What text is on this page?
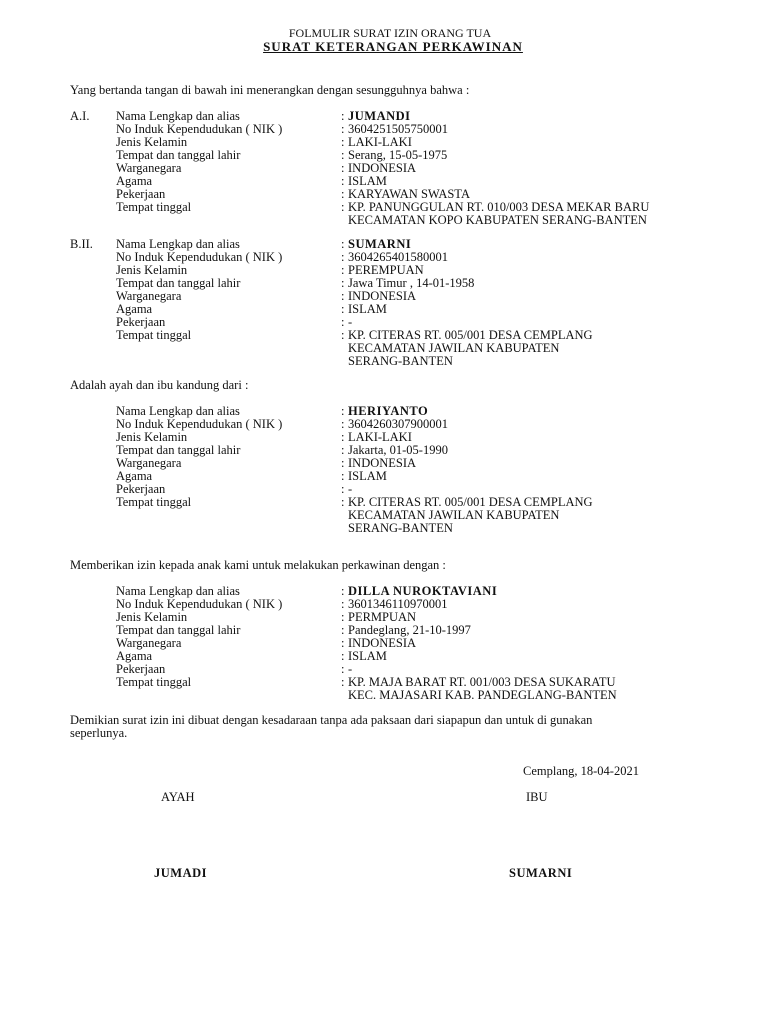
FOLMULIR SURAT IZIN ORANG TUA
SURAT KETERANGAN PERKAWINAN
Yang bertanda tangan di bawah ini menerangkan dengan sesungguhnya bahwa :
A.I. Nama Lengkap dan alias	: JUMANDI
No Induk Kependudukan ( NIK )	: 3604251505750001
Jenis Kelamin	: LAKI-LAKI
Tempat dan tanggal lahir	: Serang, 15-05-1975
Warganegara	: INDONESIA
Agama	: ISLAM
Pekerjaan	: KARYAWAN SWASTA
Tempat tinggal	: KP. PANUNGGULAN RT. 010/003 DESA MEKAR BARU
KECAMATAN KOPO KABUPATEN SERANG-BANTEN
B.II. Nama Lengkap dan alias	: SUMARNI
No Induk Kependudukan ( NIK )	: 3604265401580001
Jenis Kelamin	: PEREMPUAN
Tempat dan tanggal lahir	: Jawa Timur , 14-01-1958
Warganegara	: INDONESIA
Agama	: ISLAM
Pekerjaan	: -
Tempat tinggal	: KP. CITERAS RT. 005/001 DESA CEMPLANG
KECAMATAN JAWILAN KABUPATEN
SERANG-BANTEN
Adalah ayah dan ibu kandung dari :
Nama Lengkap dan alias	: HERIYANTO
No Induk Kependudukan ( NIK )	: 3604260307900001
Jenis Kelamin	: LAKI-LAKI
Tempat dan tanggal lahir	: Jakarta, 01-05-1990
Warganegara	: INDONESIA
Agama	: ISLAM
Pekerjaan	: -
Tempat tinggal	: KP. CITERAS RT. 005/001 DESA CEMPLANG
KECAMATAN JAWILAN KABUPATEN
SERANG-BANTEN
Memberikan izin kepada anak kami untuk melakukan perkawinan dengan :
Nama Lengkap dan alias	: DILLA NUROKTAVIANI
No Induk Kependudukan ( NIK )	: 3601346110970001
Jenis Kelamin	: PERMPUAN
Tempat dan tanggal lahir	: Pandeglang, 21-10-1997
Warganegara	: INDONESIA
Agama	: ISLAM
Pekerjaan	: -
Tempat tinggal	: KP. MAJA BARAT RT. 001/003 DESA SUKARATU
KEC. MAJASARI KAB. PANDEGLANG-BANTEN
Demikian surat izin ini dibuat dengan kesadaraan tanpa ada paksaan dari siapapun dan untuk di gunakan
seperlunya.
Cemplang, 18-04-2021
AYAH	IBU
JUMADI	SUMARNI
